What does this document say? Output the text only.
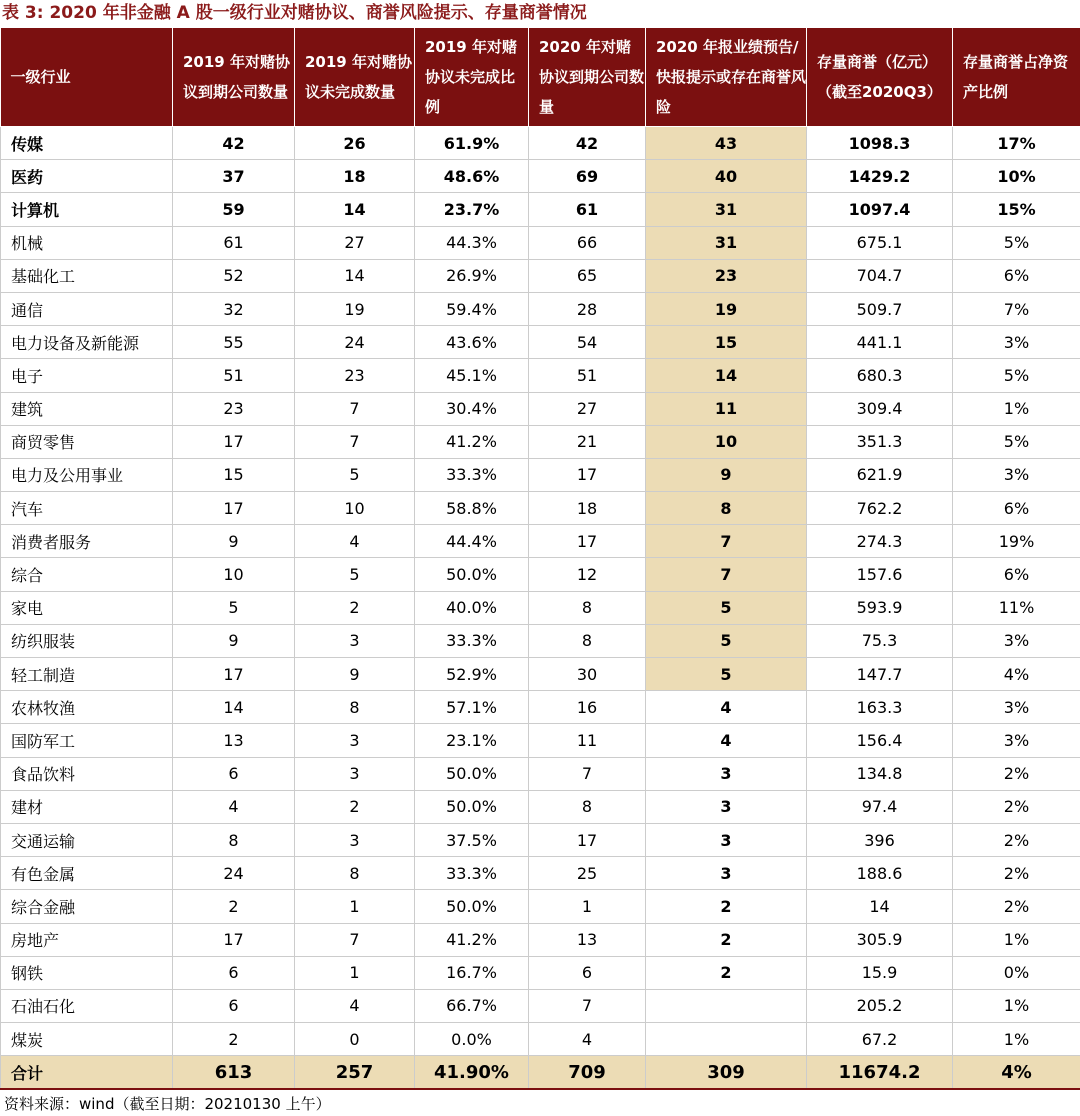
表 3: 2020 年非金融 A 股一级行业对赌协议、商誉风险提示、存量商誉情况
一级行业	2019 年对赌协议到期公司数量	2019 年对赌协议未完成数量	2019 年对赌协议未完成比例	2020 年对赌协议到期公司数量	2020 年报业绩预告/快报提示或存在商誉风险	存量商誉（亿元）（截至2020Q3）	存量商誉占净资产比例
传媒	42	26	61.9%	42	43	1098.3	17%
医药	37	18	48.6%	69	40	1429.2	10%
计算机	59	14	23.7%	61	31	1097.4	15%
机械	61	27	44.3%	66	31	675.1	5%
基础化工	52	14	26.9%	65	23	704.7	6%
通信	32	19	59.4%	28	19	509.7	7%
电力设备及新能源	55	24	43.6%	54	15	441.1	3%
电子	51	23	45.1%	51	14	680.3	5%
建筑	23	7	30.4%	27	11	309.4	1%
商贸零售	17	7	41.2%	21	10	351.3	5%
电力及公用事业	15	5	33.3%	17	9	621.9	3%
汽车	17	10	58.8%	18	8	762.2	6%
消费者服务	9	4	44.4%	17	7	274.3	19%
综合	10	5	50.0%	12	7	157.6	6%
家电	5	2	40.0%	8	5	593.9	11%
纺织服装	9	3	33.3%	8	5	75.3	3%
轻工制造	17	9	52.9%	30	5	147.7	4%
农林牧渔	14	8	57.1%	16	4	163.3	3%
国防军工	13	3	23.1%	11	4	156.4	3%
食品饮料	6	3	50.0%	7	3	134.8	2%
建材	4	2	50.0%	8	3	97.4	2%
交通运输	8	3	37.5%	17	3	396	2%
有色金属	24	8	33.3%	25	3	188.6	2%
综合金融	2	1	50.0%	1	2	14	2%
房地产	17	7	41.2%	13	2	305.9	1%
钢铁	6	1	16.7%	6	2	15.9	0%
石油石化	6	4	66.7%	7		205.2	1%
煤炭	2	0	0.0%	4		67.2	1%
合计	613	257	41.90%	709	309	11674.2	4%
资料来源：wind（截至日期：20210130 上午）
